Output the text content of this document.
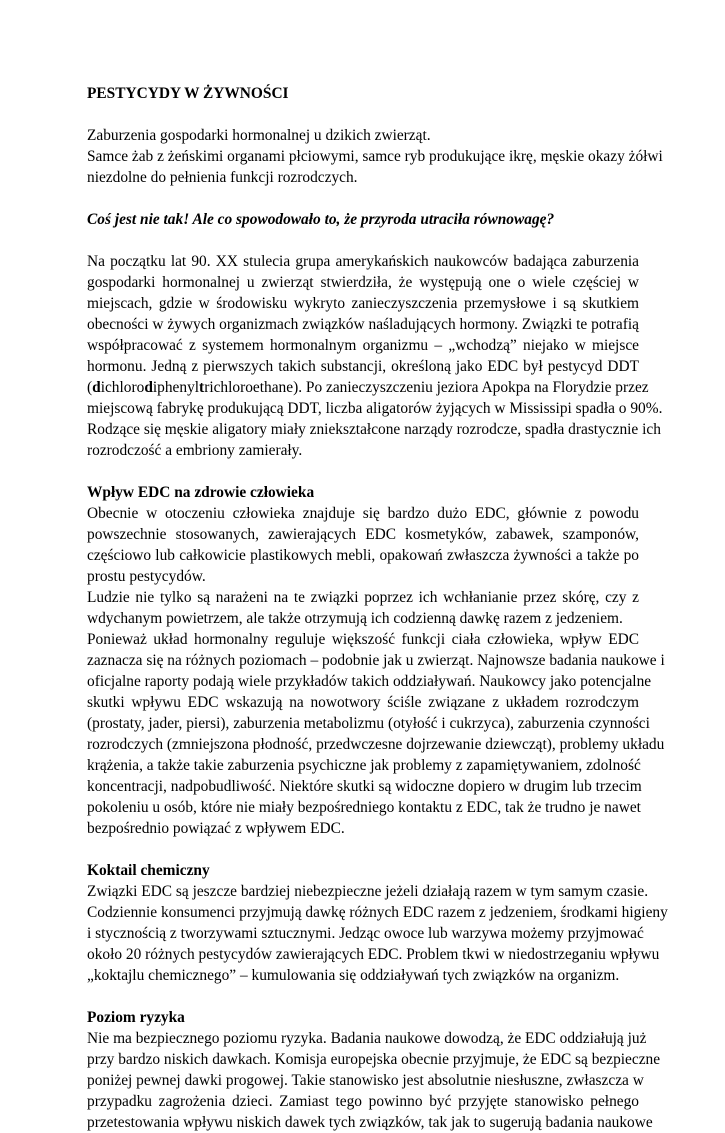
PESTYCYDY W ŻYWNOŚCI
Zaburzenia gospodarki hormonalnej u dzikich zwierząt.
Samce żab z żeńskimi organami płciowymi, samce ryb produkujące ikrę, męskie okazy żółwi
niezdolne do pełnienia funkcji rozrodczych.
Coś jest nie tak! Ale co spowodowało to, że przyroda utraciła równowagę?
Na początku lat 90. XX stulecia grupa amerykańskich naukowców badająca zaburzenia
gospodarki hormonalnej u zwierząt stwierdziła, że występują one o wiele częściej w
miejscach, gdzie w środowisku wykryto zanieczyszczenia przemysłowe i są skutkiem
obecności w żywych organizmach związków naśladujących hormony. Związki te potrafią
współpracować z systemem hormonalnym organizmu – „wchodzą” niejako w miejsce
hormonu. Jedną z pierwszych takich substancji, określoną jako EDC był pestycyd DDT
(dichlorodiphenyltrichloroethane). Po zanieczyszczeniu jeziora Apokpa na Florydzie przez
miejscową fabrykę produkującą DDT, liczba aligatorów żyjących w Mississipi spadła o 90%.
Rodzące się męskie aligatory miały zniekształcone narządy rozrodcze, spadła drastycznie ich
rozrodczość a embriony zamierały.
Wpływ EDC na zdrowie człowieka
Obecnie w otoczeniu człowieka znajduje się bardzo dużo EDC, głównie z powodu
powszechnie stosowanych, zawierających EDC kosmetyków, zabawek, szamponów,
częściowo lub całkowicie plastikowych mebli, opakowań zwłaszcza żywności a także po
prostu pestycydów.
Ludzie nie tylko są narażeni na te związki poprzez ich wchłanianie przez skórę, czy z
wdychanym powietrzem, ale także otrzymują ich codzienną dawkę razem z jedzeniem.
Ponieważ układ hormonalny reguluje większość funkcji ciała człowieka, wpływ EDC
zaznacza się na różnych poziomach – podobnie jak u zwierząt. Najnowsze badania naukowe i
oficjalne raporty podają wiele przykładów takich oddziaływań. Naukowcy jako potencjalne
skutki wpływu EDC wskazują na nowotwory ściśle związane z układem rozrodczym
(prostaty, jader, piersi), zaburzenia metabolizmu (otyłość i cukrzyca), zaburzenia czynności
rozrodczych (zmniejszona płodność, przedwczesne dojrzewanie dziewcząt), problemy układu
krążenia, a także takie zaburzenia psychiczne jak problemy z zapamiętywaniem, zdolność
koncentracji, nadpobudliwość. Niektóre skutki są widoczne dopiero w drugim lub trzecim
pokoleniu u osób, które nie miały bezpośredniego kontaktu z EDC, tak że trudno je nawet
bezpośrednio powiązać z wpływem EDC.
Koktail chemiczny
Związki EDC są jeszcze bardziej niebezpieczne jeżeli działają razem w tym samym czasie.
Codziennie konsumenci przyjmują dawkę różnych EDC razem z jedzeniem, środkami higieny
i stycznością z tworzywami sztucznymi. Jedząc owoce lub warzywa możemy przyjmować
około 20 różnych pestycydów zawierających EDC. Problem tkwi w niedostrzeganiu wpływu
„koktajlu chemicznego” – kumulowania się oddziaływań tych związków na organizm.
Poziom ryzyka
Nie ma bezpiecznego poziomu ryzyka. Badania naukowe dowodzą, że EDC oddziałują już
przy bardzo niskich dawkach. Komisja europejska obecnie przyjmuje, że EDC są bezpieczne
poniżej pewnej dawki progowej. Takie stanowisko jest absolutnie niesłuszne, zwłaszcza w
przypadku zagrożenia dzieci. Zamiast tego powinno być przyjęte stanowisko pełnego
przetestowania wpływu niskich dawek tych związków, tak jak to sugerują badania naukowe
